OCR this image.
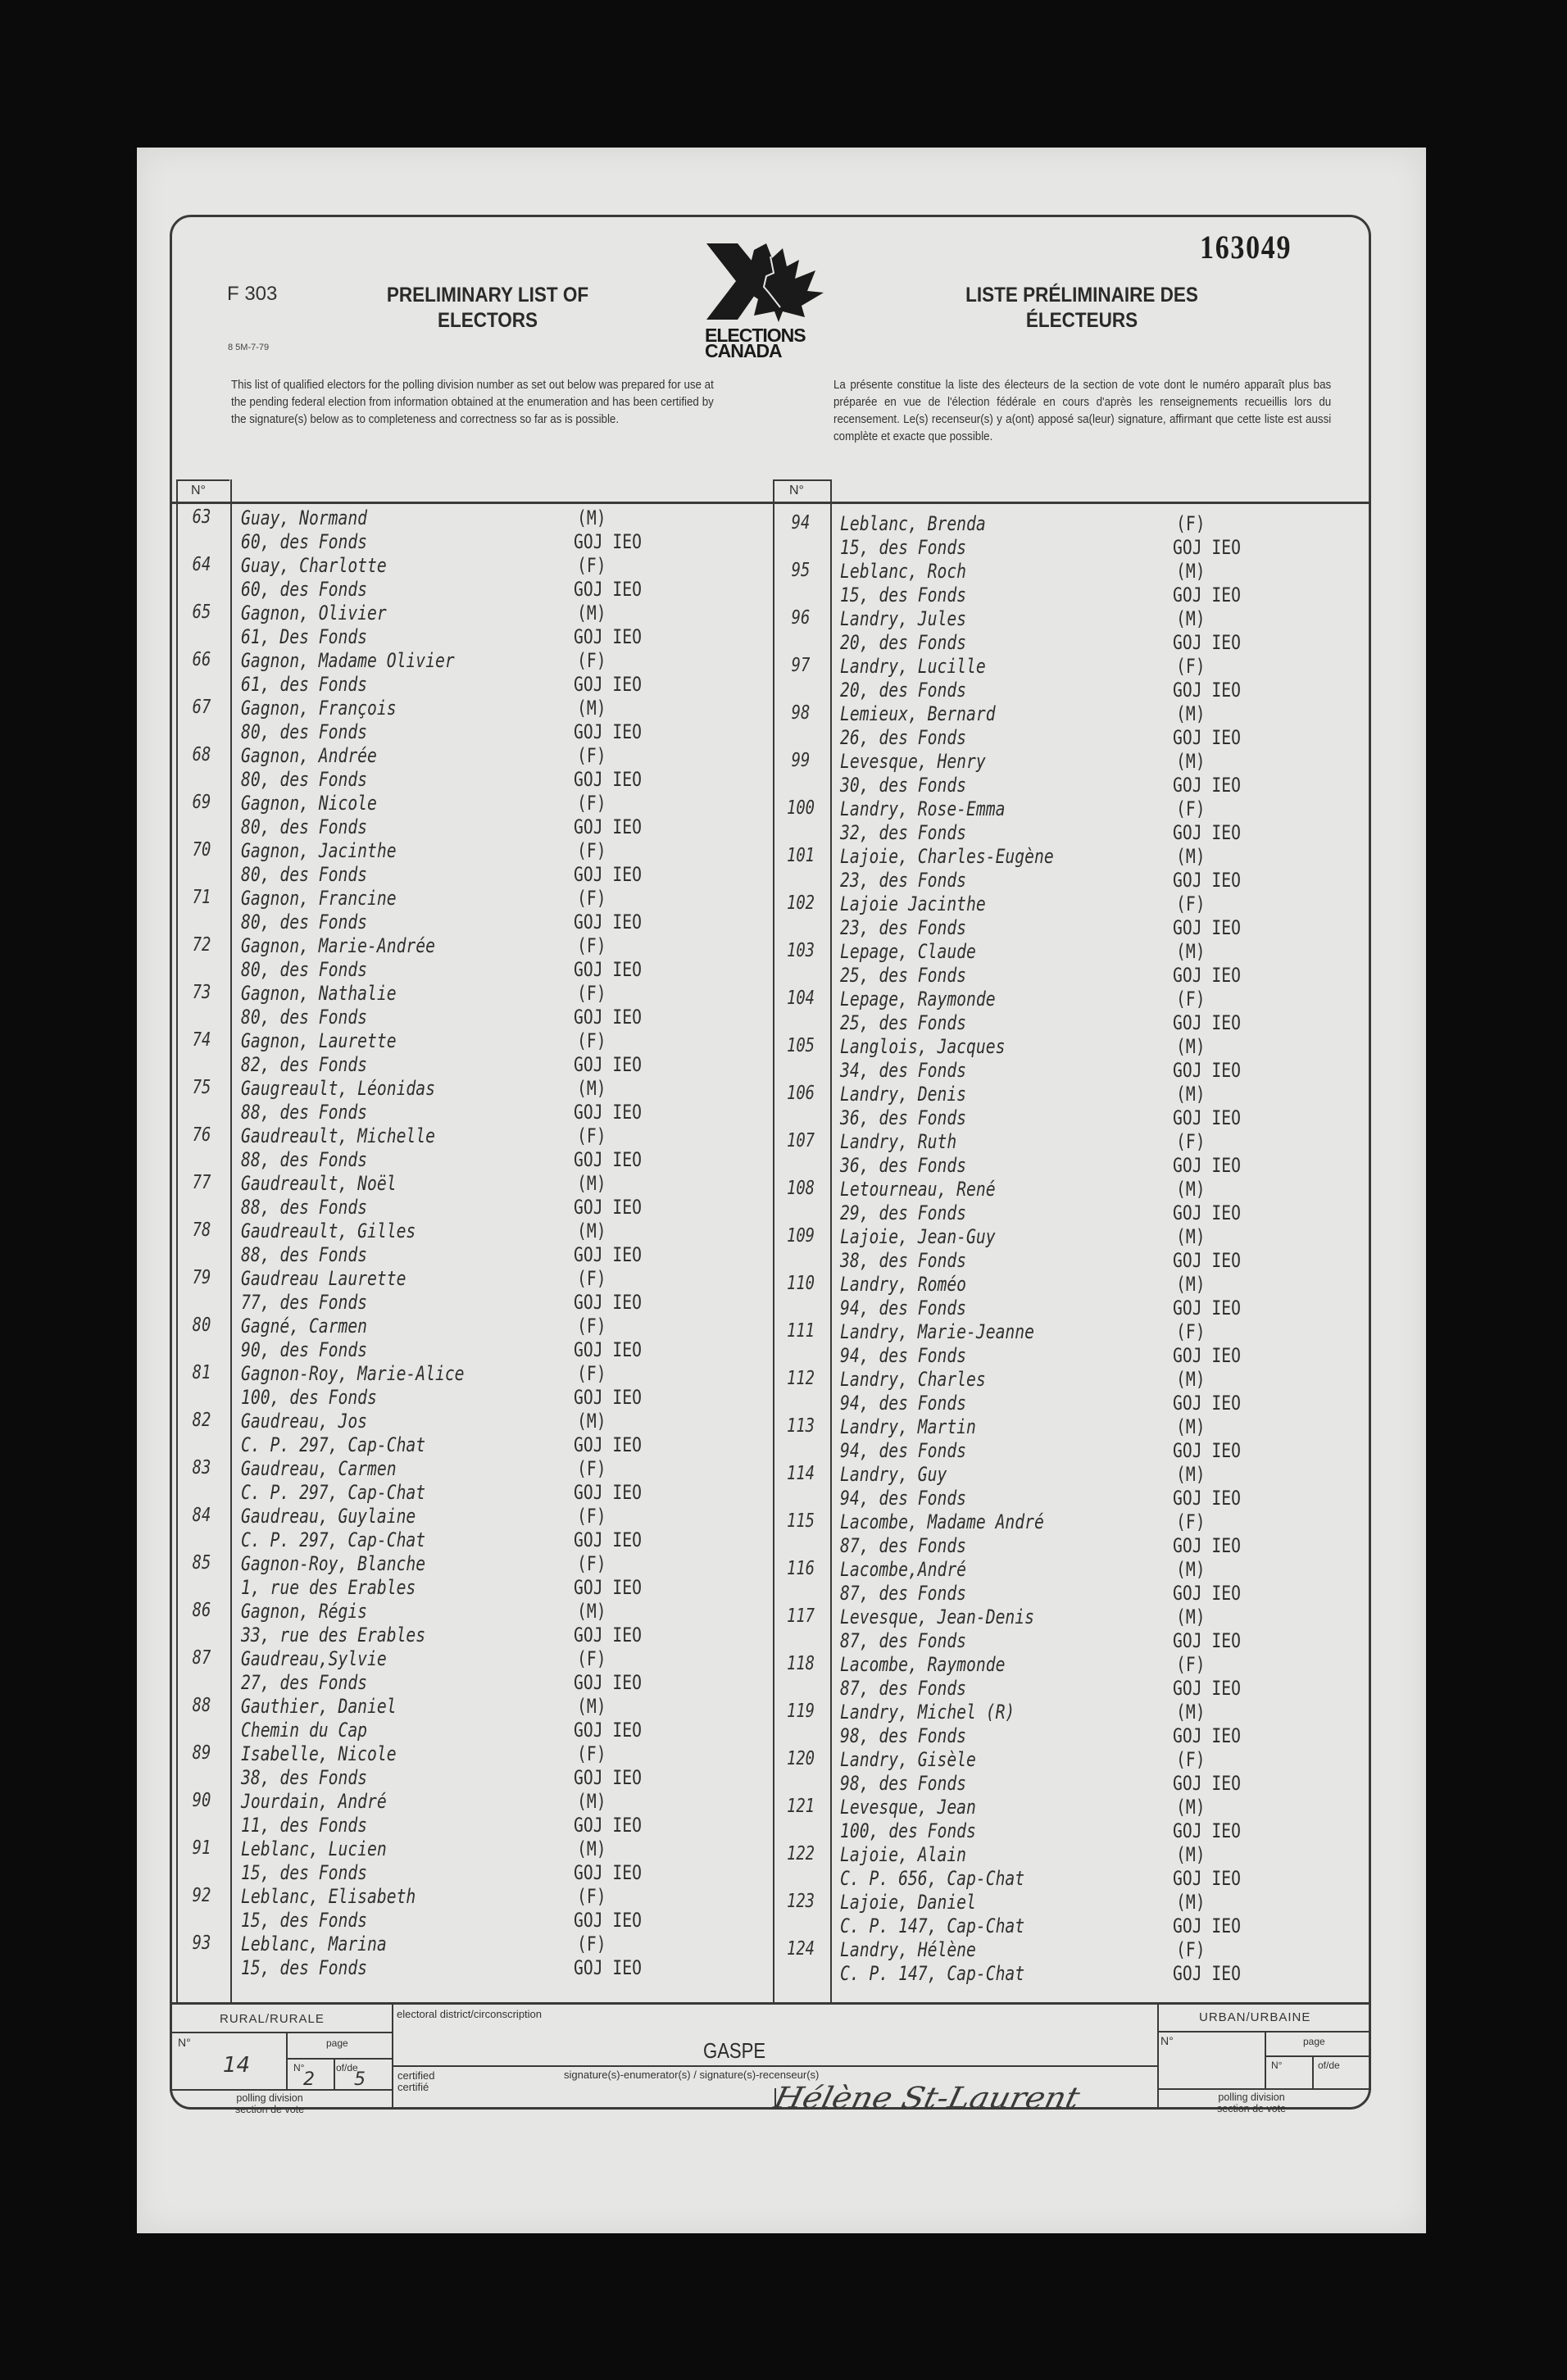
163049
F 303
8 5M-7-79
PRELIMINARY LIST OF
ELECTORS
LISTE PRÉLIMINAIRE DES
ÉLECTEURS
ELECTIONS
CANADA
This list of qualified electors for the polling division number as set out below was prepared for use at the pending federal election from information obtained at the enumeration and has been certified by the signature(s) below as to completeness and correctness so far as is possible.
La présente constitue la liste des électeurs de la section de vote dont le numéro apparaît plus bas préparée en vue de l'élection fédérale en cours d'après les renseignements recueillis lors du recensement. Le(s) recenseur(s) y a(ont) apposé sa(leur) signature, affirmant que cette liste est aussi complète et exacte que possible.
N°	N°
63	Guay, Normand	(M)
60, des Fonds	GOJ IEO
64	Guay, Charlotte	(F)
60, des Fonds	GOJ IEO
65	Gagnon, Olivier	(M)
61, Des Fonds	GOJ IEO
66	Gagnon, Madame Olivier	(F)
61, des Fonds	GOJ IEO
67	Gagnon, François	(M)
80, des Fonds	GOJ IEO
68	Gagnon, Andrée	(F)
80, des Fonds	GOJ IEO
69	Gagnon, Nicole	(F)
80, des Fonds	GOJ IEO
70	Gagnon, Jacinthe	(F)
80, des Fonds	GOJ IEO
71	Gagnon, Francine	(F)
80, des Fonds	GOJ IEO
72	Gagnon, Marie-Andrée	(F)
80, des Fonds	GOJ IEO
73	Gagnon, Nathalie	(F)
80, des Fonds	GOJ IEO
74	Gagnon, Laurette	(F)
82, des Fonds	GOJ IEO
75	Gaugreault, Léonidas	(M)
88, des Fonds	GOJ IEO
76	Gaudreault, Michelle	(F)
88, des Fonds	GOJ IEO
77	Gaudreault, Noël	(M)
88, des Fonds	GOJ IEO
78	Gaudreault, Gilles	(M)
88, des Fonds	GOJ IEO
79	Gaudreau Laurette	(F)
77, des Fonds	GOJ IEO
80	Gagné, Carmen	(F)
90, des Fonds	GOJ IEO
81	Gagnon-Roy, Marie-Alice	(F)
100, des Fonds	GOJ IEO
82	Gaudreau, Jos	(M)
C. P. 297, Cap-Chat	GOJ IEO
83	Gaudreau, Carmen	(F)
C. P. 297, Cap-Chat	GOJ IEO
84	Gaudreau, Guylaine	(F)
C. P. 297, Cap-Chat	GOJ IEO
85	Gagnon-Roy, Blanche	(F)
1, rue des Erables	GOJ IEO
86	Gagnon, Régis	(M)
33, rue des Erables	GOJ IEO
87	Gaudreau,Sylvie	(F)
27, des Fonds	GOJ IEO
88	Gauthier, Daniel	(M)
Chemin du Cap	GOJ IEO
89	Isabelle, Nicole	(F)
38, des Fonds	GOJ IEO
90	Jourdain, André	(M)
11, des Fonds	GOJ IEO
91	Leblanc, Lucien	(M)
15, des Fonds	GOJ IEO
92	Leblanc, Elisabeth	(F)
15, des Fonds	GOJ IEO
93	Leblanc, Marina	(F)
15, des Fonds	GOJ IEO
94	Leblanc, Brenda	(F)
15, des Fonds	GOJ IEO
95	Leblanc, Roch	(M)
15, des Fonds	GOJ IEO
96	Landry, Jules	(M)
20, des Fonds	GOJ IEO
97	Landry, Lucille	(F)
20, des Fonds	GOJ IEO
98	Lemieux, Bernard	(M)
26, des Fonds	GOJ IEO
99	Levesque, Henry	(M)
30, des Fonds	GOJ IEO
100	Landry, Rose-Emma	(F)
32, des Fonds	GOJ IEO
101	Lajoie, Charles-Eugène	(M)
23, des Fonds	GOJ IEO
102	Lajoie Jacinthe	(F)
23, des Fonds	GOJ IEO
103	Lepage, Claude	(M)
25, des Fonds	GOJ IEO
104	Lepage, Raymonde	(F)
25, des Fonds	GOJ IEO
105	Langlois, Jacques	(M)
34, des Fonds	GOJ IEO
106	Landry, Denis	(M)
36, des Fonds	GOJ IEO
107	Landry, Ruth	(F)
36, des Fonds	GOJ IEO
108	Letourneau, René	(M)
29, des Fonds	GOJ IEO
109	Lajoie, Jean-Guy	(M)
38, des Fonds	GOJ IEO
110	Landry, Roméo	(M)
94, des Fonds	GOJ IEO
111	Landry, Marie-Jeanne	(F)
94, des Fonds	GOJ IEO
112	Landry, Charles	(M)
94, des Fonds	GOJ IEO
113	Landry, Martin	(M)
94, des Fonds	GOJ IEO
114	Landry, Guy	(M)
94, des Fonds	GOJ IEO
115	Lacombe, Madame André	(F)
87, des Fonds	GOJ IEO
116	Lacombe,André	(M)
87, des Fonds	GOJ IEO
117	Levesque, Jean-Denis	(M)
87, des Fonds	GOJ IEO
118	Lacombe, Raymonde	(F)
87, des Fonds	GOJ IEO
119	Landry, Michel (R)	(M)
98, des Fonds	GOJ IEO
120	Landry, Gisèle	(F)
98, des Fonds	GOJ IEO
121	Levesque, Jean	(M)
100, des Fonds	GOJ IEO
122	Lajoie, Alain	(M)
C. P. 656, Cap-Chat	GOJ IEO
123	Lajoie, Daniel	(M)
C. P. 147, Cap-Chat	GOJ IEO
124	Landry, Hélène	(F)
C. P. 147, Cap-Chat	GOJ IEO
RURAL/RURALE
N°
14
page
N°	of/de
2 5
polling division
section de vote
electoral district/circonscription
GASPE
certified
certifié
signature(s)-enumerator(s) / signature(s)-recenseur(s)
Hélène St-Laurent
URBAN/URBAINE
N°	page
N°	of/de
polling division
section de vote
